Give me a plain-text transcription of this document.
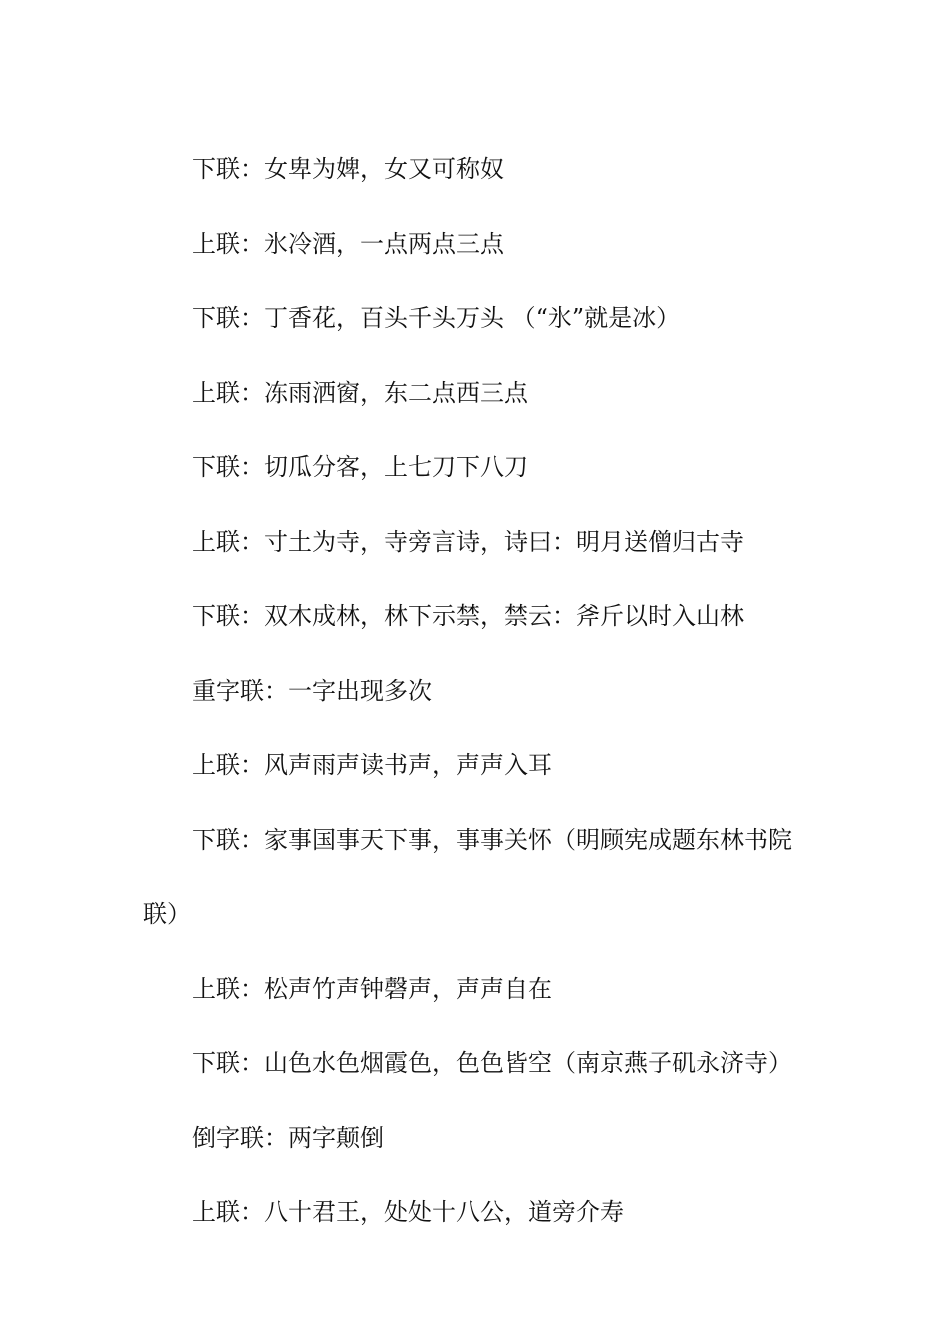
下联：女卑为婢，女又可称奴

上联：氷冷酒，一点两点三点

下联：丁香花，百头千头万头 （“氷”就是冰）

上联：冻雨洒窗，东二点西三点

下联：切瓜分客，上七刀下八刀

上联：寸土为寺，寺旁言诗，诗曰：明月送僧归古寺

下联：双木成林，林下示禁，禁云：斧斤以时入山林

重字联：一字出现多次

上联：风声雨声读书声，声声入耳

下联：家事国事天下事，事事关怀（明顾宪成题东林书院联）

上联：松声竹声钟磬声，声声自在

下联：山色水色烟霞色，色色皆空（南京燕子矶永济寺）

倒字联：两字颠倒

上联：八十君王，处处十八公，道旁介寿
